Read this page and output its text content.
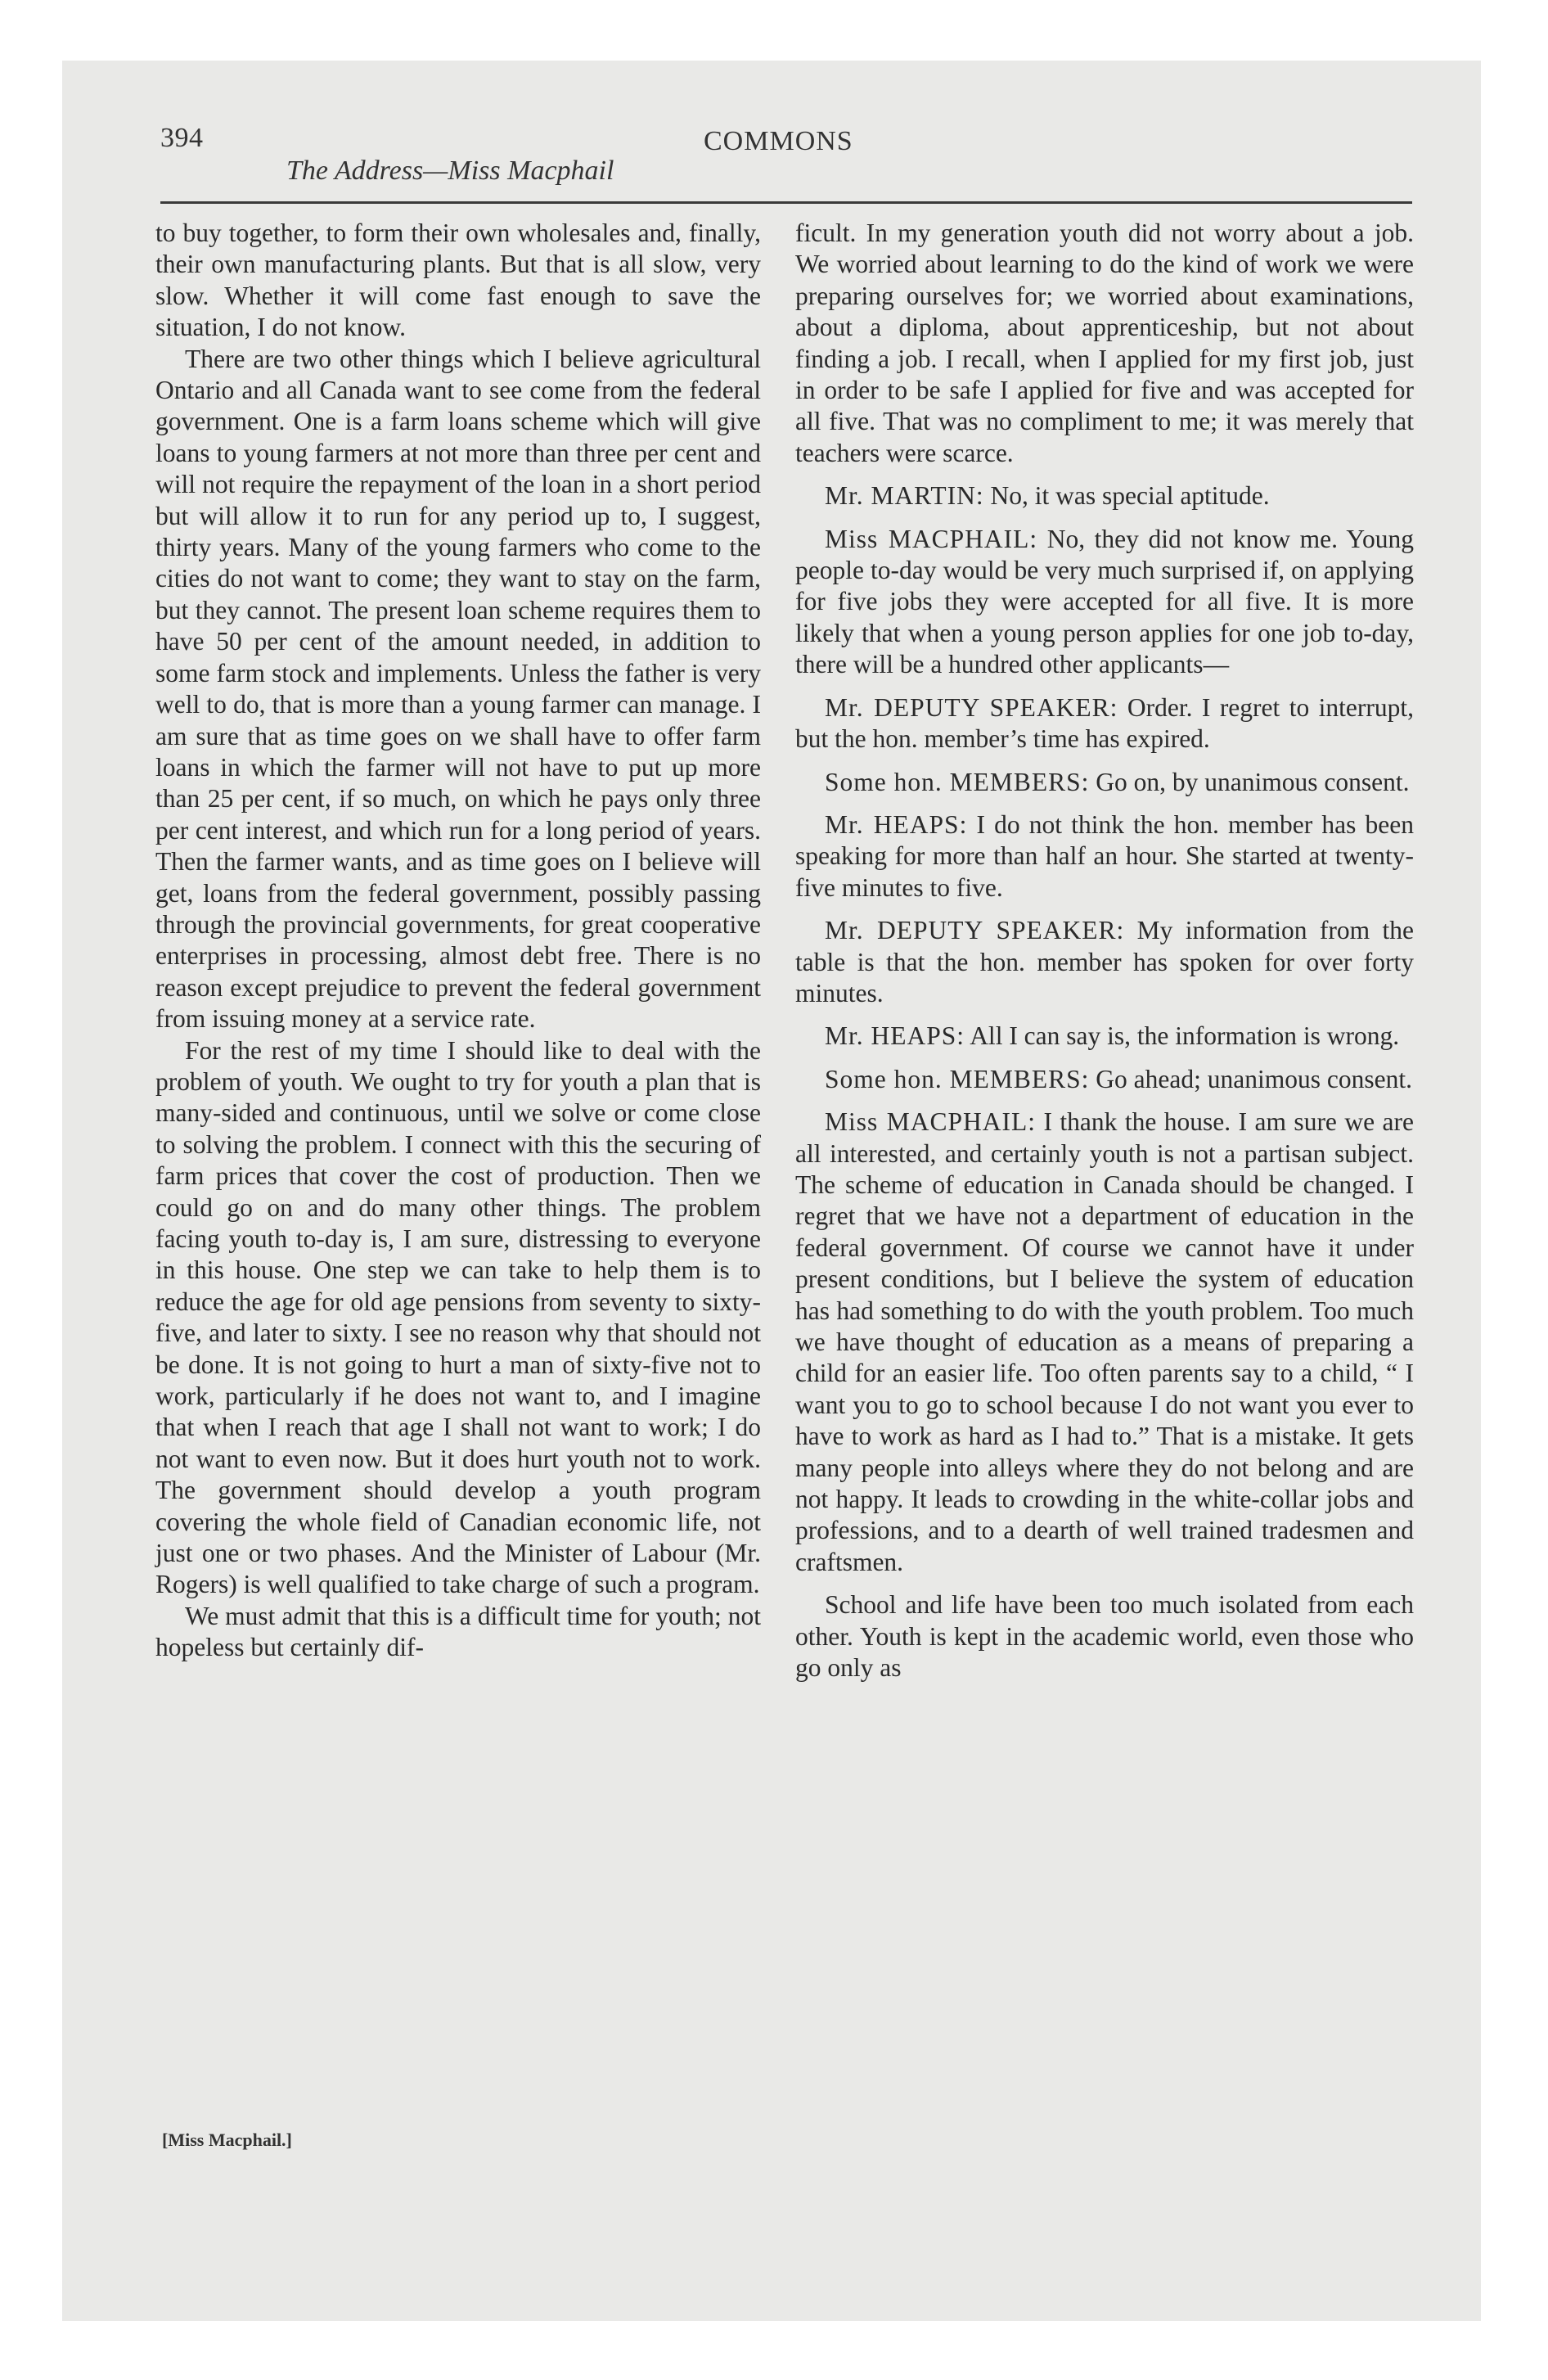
394
The Address—Miss Macphail
COMMONS

to buy together, to form their own wholesales and, finally, their own manufacturing plants. But that is all slow, very slow. Whether it will come fast enough to save the situation, I do not know.

There are two other things which I believe agricultural Ontario and all Canada want to see come from the federal government. One is a farm loans scheme which will give loans to young farmers at not more than three per cent and will not require the repayment of the loan in a short period but will allow it to run for any period up to, I suggest, thirty years. Many of the young farmers who come to the cities do not want to come; they want to stay on the farm, but they cannot. The present loan scheme requires them to have 50 per cent of the amount needed, in addition to some farm stock and implements. Unless the father is very well to do, that is more than a young farmer can manage. I am sure that as time goes on we shall have to offer farm loans in which the farmer will not have to put up more than 25 per cent, if so much, on which he pays only three per cent interest, and which run for a long period of years. Then the farmer wants, and as time goes on I believe will get, loans from the federal government, possibly passing through the provincial governments, for great cooperative enterprises in processing, almost debt free. There is no reason except prejudice to prevent the federal government from issuing money at a service rate.

For the rest of my time I should like to deal with the problem of youth. We ought to try for youth a plan that is many-sided and continuous, until we solve or come close to solving the problem. I connect with this the securing of farm prices that cover the cost of production. Then we could go on and do many other things. The problem facing youth to-day is, I am sure, distressing to everyone in this house. One step we can take to help them is to reduce the age for old age pensions from seventy to sixty-five, and later to sixty. I see no reason why that should not be done. It is not going to hurt a man of sixty-five not to work, particularly if he does not want to, and I imagine that when I reach that age I shall not want to work; I do not want to even now. But it does hurt youth not to work. The government should develop a youth program covering the whole field of Canadian economic life, not just one or two phases. And the Minister of Labour (Mr. Rogers) is well qualified to take charge of such a program.

We must admit that this is a difficult time for youth; not hopeless but certainly dif-

ficult. In my generation youth did not worry about a job. We worried about learning to do the kind of work we were preparing ourselves for; we worried about examinations, about a diploma, about apprenticeship, but not about finding a job. I recall, when I applied for my first job, just in order to be safe I applied for five and was accepted for all five. That was no compliment to me; it was merely that teachers were scarce.

Mr. MARTIN: No, it was special aptitude.

Miss MACPHAIL: No, they did not know me. Young people to-day would be very much surprised if, on applying for five jobs they were accepted for all five. It is more likely that when a young person applies for one job to-day, there will be a hundred other applicants—

Mr. DEPUTY SPEAKER: Order. I regret to interrupt, but the hon. member’s time has expired.

Some hon. MEMBERS: Go on, by unanimous consent.

Mr. HEAPS: I do not think the hon. member has been speaking for more than half an hour. She started at twenty-five minutes to five.

Mr. DEPUTY SPEAKER: My information from the table is that the hon. member has spoken for over forty minutes.

Mr. HEAPS: All I can say is, the information is wrong.

Some hon. MEMBERS: Go ahead; unanimous consent.

Miss MACPHAIL: I thank the house. I am sure we are all interested, and certainly youth is not a partisan subject. The scheme of education in Canada should be changed. I regret that we have not a department of education in the federal government. Of course we cannot have it under present conditions, but I believe the system of education has had something to do with the youth problem. Too much we have thought of education as a means of preparing a child for an easier life. Too often parents say to a child, “ I want you to go to school because I do not want you ever to have to work as hard as I had to.” That is a mistake. It gets many people into alleys where they do not belong and are not happy. It leads to crowding in the white-collar jobs and professions, and to a dearth of well trained tradesmen and craftsmen.

School and life have been too much isolated from each other. Youth is kept in the academic world, even those who go only as

[Miss Macphail.]
